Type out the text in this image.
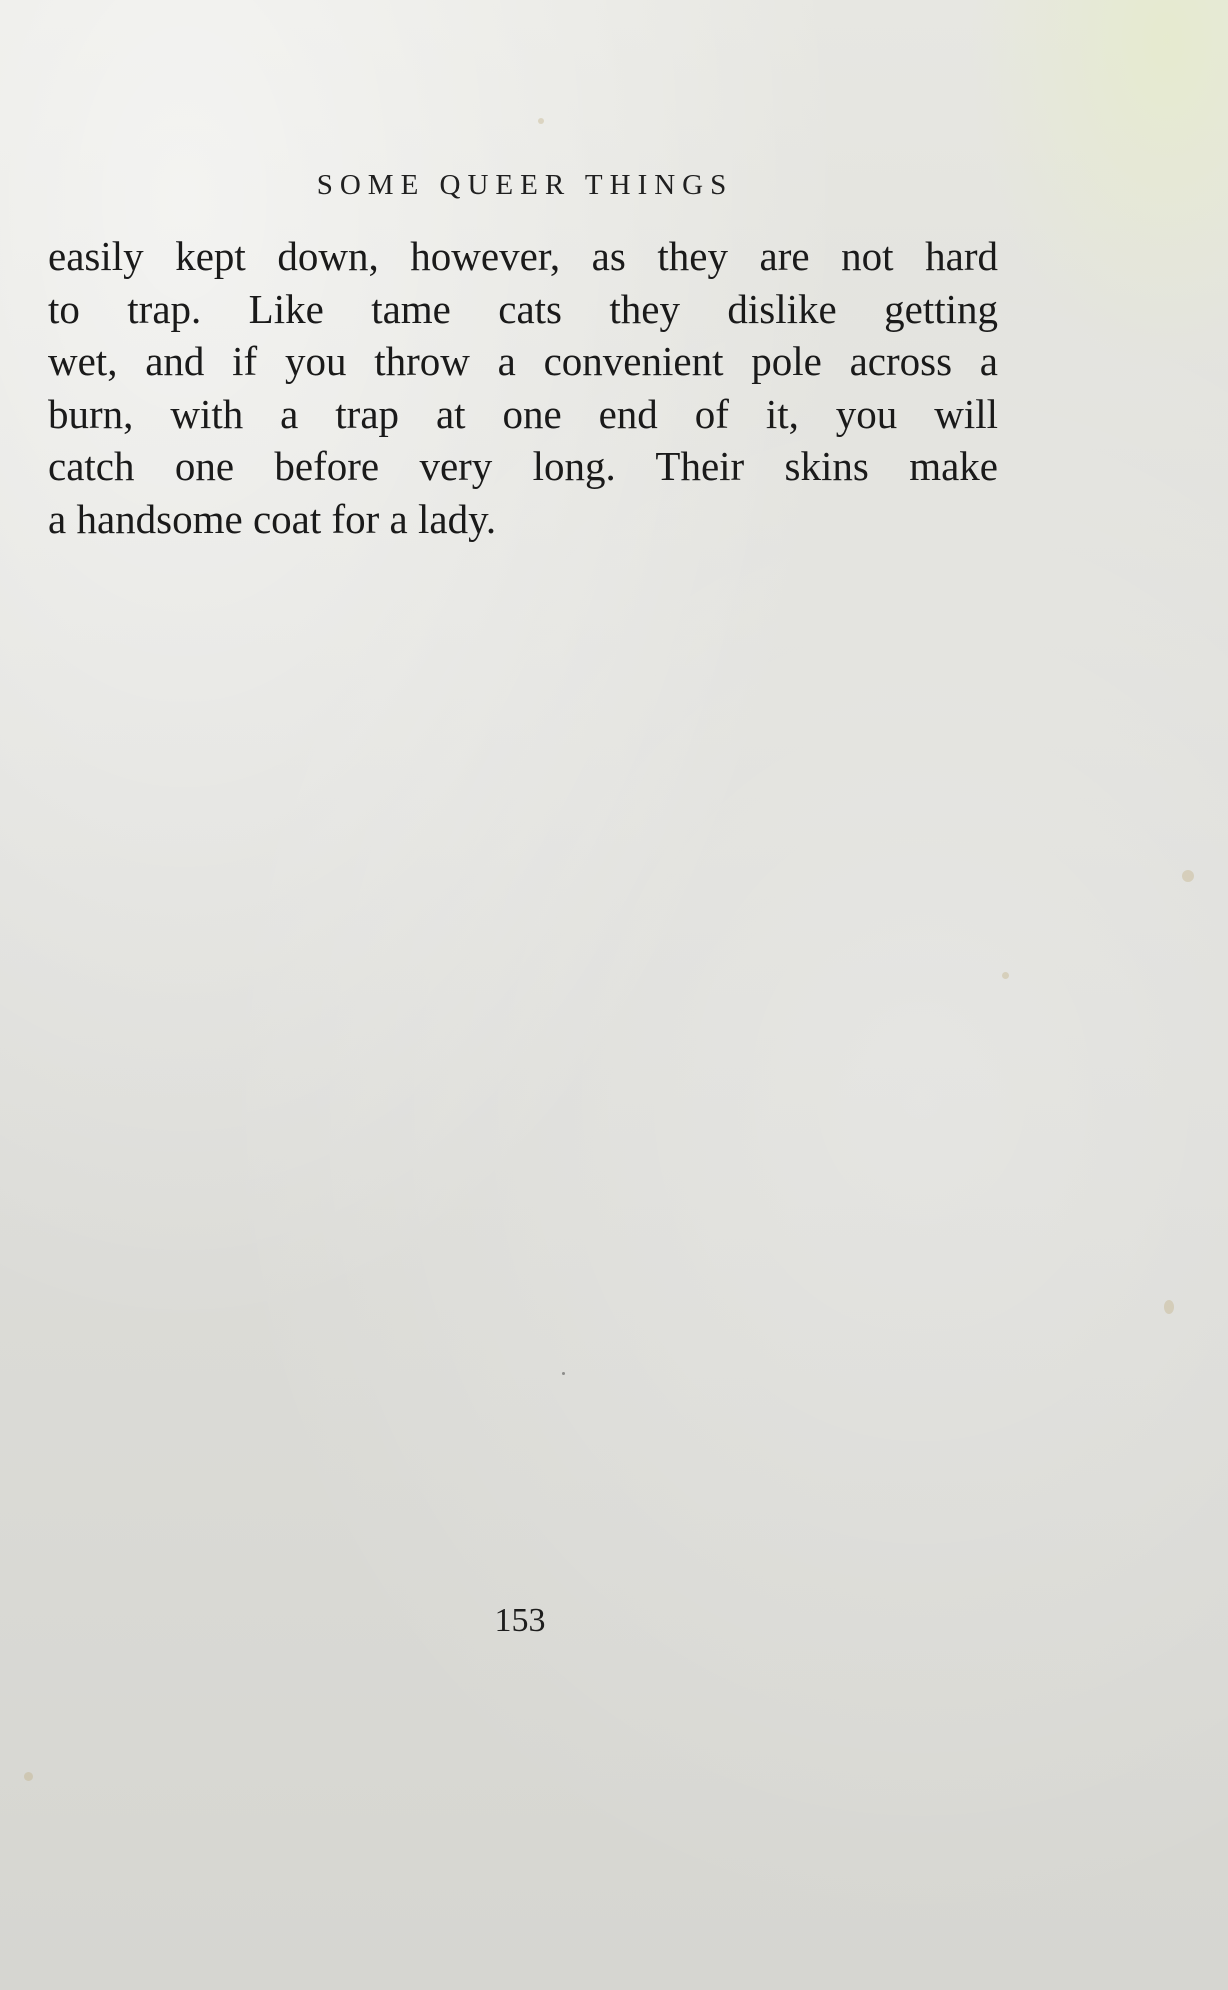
SOME QUEER THINGS
easily kept down, however, as they are not hard
to trap. Like tame cats they dislike getting
wet, and if you throw a convenient pole across a
burn, with a trap at one end of it, you will
catch one before very long. Their skins make
a handsome coat for a lady.
153
